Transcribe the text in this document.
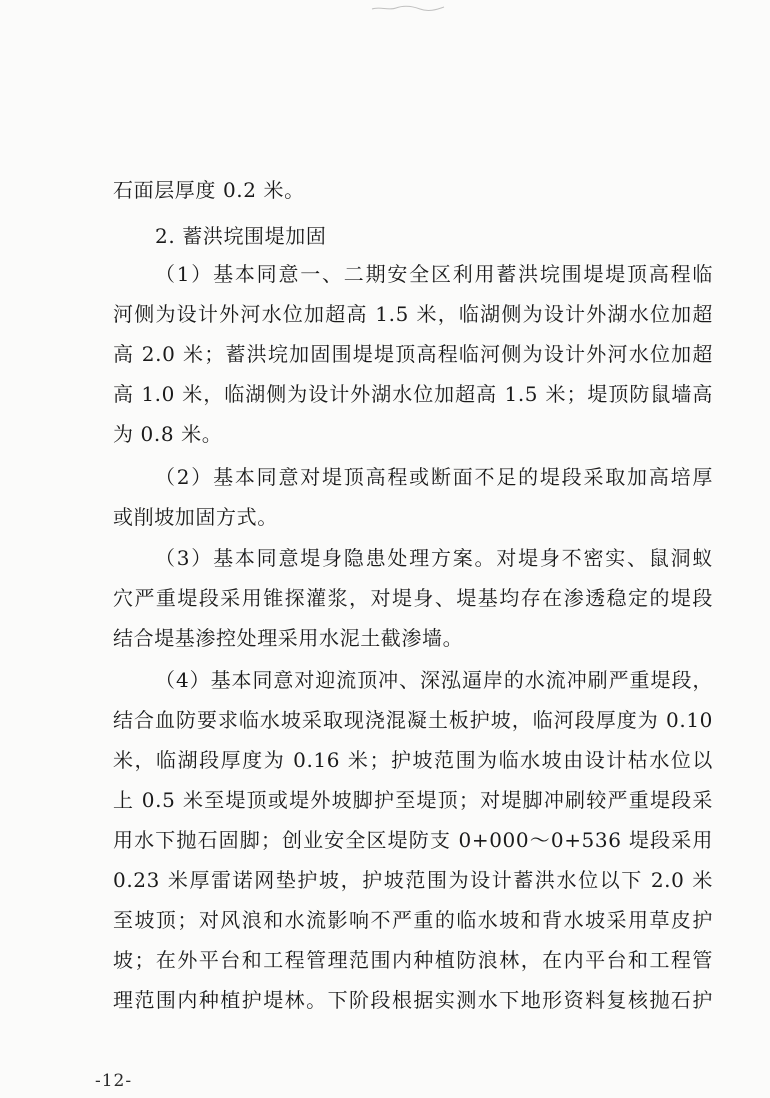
石面层厚度 0.2 米。
2. 蓄洪垸围堤加固
（1）基本同意一、二期安全区利用蓄洪垸围堤堤顶高程临
河侧为设计外河水位加超高 1.5 米，临湖侧为设计外湖水位加超
高 2.0 米；蓄洪垸加固围堤堤顶高程临河侧为设计外河水位加超
高 1.0 米，临湖侧为设计外湖水位加超高 1.5 米；堤顶防鼠墙高
为 0.8 米。
（2）基本同意对堤顶高程或断面不足的堤段采取加高培厚
或削坡加固方式。
（3）基本同意堤身隐患处理方案。对堤身不密实、鼠洞蚁
穴严重堤段采用锥探灌浆，对堤身、堤基均存在渗透稳定的堤段
结合堤基渗控处理采用水泥土截渗墙。
（4）基本同意对迎流顶冲、深泓逼岸的水流冲刷严重堤段，
结合血防要求临水坡采取现浇混凝土板护坡，临河段厚度为 0.10
米，临湖段厚度为 0.16 米；护坡范围为临水坡由设计枯水位以
上 0.5 米至堤顶或堤外坡脚护至堤顶；对堤脚冲刷较严重堤段采
用水下抛石固脚；创业安全区堤防支 0+000～0+536 堤段采用
0.23 米厚雷诺网垫护坡，护坡范围为设计蓄洪水位以下 2.0 米
至坡顶；对风浪和水流影响不严重的临水坡和背水坡采用草皮护
坡；在外平台和工程管理范围内种植防浪林，在内平台和工程管
理范围内种植护堤林。下阶段根据实测水下地形资料复核抛石护
-12-
